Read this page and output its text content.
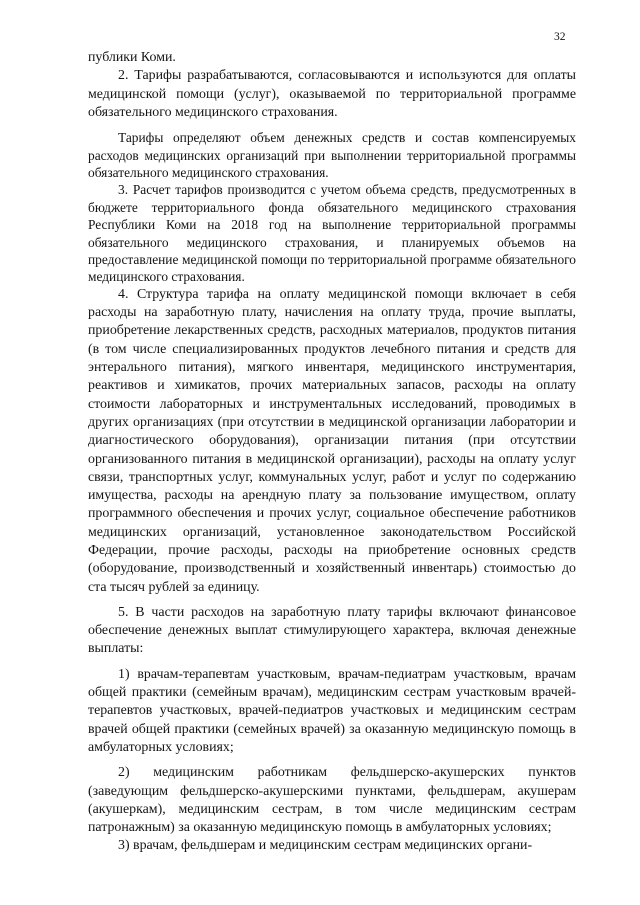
32

публики Коми.

2. Тарифы разрабатываются, согласовываются и используются для оплаты медицинской помощи (услуг), оказываемой по территориальной программе обязательного медицинского страхования.

Тарифы определяют объем денежных средств и состав компенсируемых расходов медицинских организаций при выполнении территориальной программы обязательного медицинского страхования.

3. Расчет тарифов производится с учетом объема средств, предусмотренных в бюджете территориального фонда обязательного медицинского страхования Республики Коми на 2018 год на выполнение территориальной программы обязательного медицинского страхования, и планируемых объемов на предоставление медицинской помощи по территориальной программе обязательного медицинского страхования.

4. Структура тарифа на оплату медицинской помощи включает в себя расходы на заработную плату, начисления на оплату труда, прочие выплаты, приобретение лекарственных средств, расходных материалов, продуктов питания (в том числе специализированных продуктов лечебного питания и средств для энтерального питания), мягкого инвентаря, медицинского инструментария, реактивов и химикатов, прочих материальных запасов, расходы на оплату стоимости лабораторных и инструментальных исследований, проводимых в других организациях (при отсутствии в медицинской организации лаборатории и диагностического оборудования), организации питания (при отсутствии организованного питания в медицинской организации), расходы на оплату услуг связи, транспортных услуг, коммунальных услуг, работ и услуг по содержанию имущества, расходы на арендную плату за пользование имуществом, оплату программного обеспечения и прочих услуг, социальное обеспечение работников медицинских организаций, установленное законодательством Российской Федерации, прочие расходы, расходы на приобретение основных средств (оборудование, производственный и хозяйственный инвентарь) стоимостью до ста тысяч рублей за единицу.

5. В части расходов на заработную плату тарифы включают финансовое обеспечение денежных выплат стимулирующего характера, включая денежные выплаты:

1) врачам-терапевтам участковым, врачам-педиатрам участковым, врачам общей практики (семейным врачам), медицинским сестрам участковым врачей-терапевтов участковых, врачей-педиатров участковых и медицинским сестрам врачей общей практики (семейных врачей) за оказанную медицинскую помощь в амбулаторных условиях;

2) медицинским работникам фельдшерско-акушерских пунктов (заведующим фельдшерско-акушерскими пунктами, фельдшерам, акушерам (акушеркам), медицинским сестрам, в том числе медицинским сестрам патронажным) за оказанную медицинскую помощь в амбулаторных условиях;

3) врачам, фельдшерам и медицинским сестрам медицинских органи-
